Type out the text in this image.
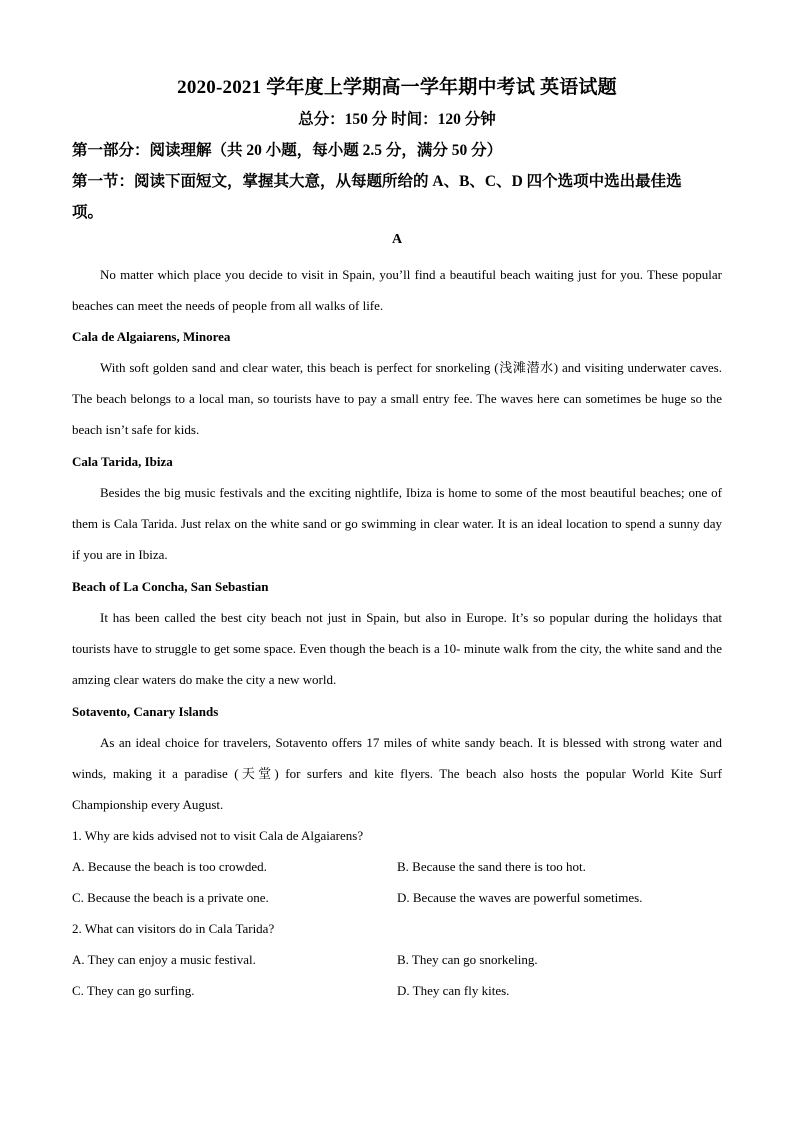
2020-2021 学年度上学期高一学年期中考试 英语试题
总分：150 分 时间：120 分钟
第一部分：阅读理解（共 20 小题，每小题 2.5 分，满分 50 分）
第一节：阅读下面短文，掌握其大意，从每题所给的 A、B、C、D 四个选项中选出最佳选
项。
A
No matter which place you decide to visit in Spain, you’ll find a beautiful beach waiting just for you. These popular beaches can meet the needs of people from all walks of life.
Cala de Algaiarens, Minorea
With soft golden sand and clear water, this beach is perfect for snorkeling (浅滩潜水) and visiting underwater caves. The beach belongs to a local man, so tourists have to pay a small entry fee. The waves here can sometimes be huge so the beach isn’t safe for kids.
Cala Tarida, Ibiza
Besides the big music festivals and the exciting nightlife, Ibiza is home to some of the most beautiful beaches; one of them is Cala Tarida. Just relax on the white sand or go swimming in clear water. It is an ideal location to spend a sunny day if you are in Ibiza.
Beach of La Concha, San Sebastian
It has been called the best city beach not just in Spain, but also in Europe. It’s so popular during the holidays that tourists have to struggle to get some space. Even though the beach is a 10- minute walk from the city, the white sand and the amzing clear waters do make the city a new world.
Sotavento, Canary Islands
As an ideal choice for travelers, Sotavento offers 17 miles of white sandy beach. It is blessed with strong water and winds, making it a paradise (天堂) for surfers and kite flyers. The beach also hosts the popular World Kite Surf Championship every August.
1. Why are kids advised not to visit Cala de Algaiarens?
A. Because the beach is too crowded.	B. Because the sand there is too hot.
C. Because the beach is a private one.	D. Because the waves are powerful sometimes.
2. What can visitors do in Cala Tarida?
A. They can enjoy a music festival.	B. They can go snorkeling.
C. They can go surfing.	D. They can fly kites.
